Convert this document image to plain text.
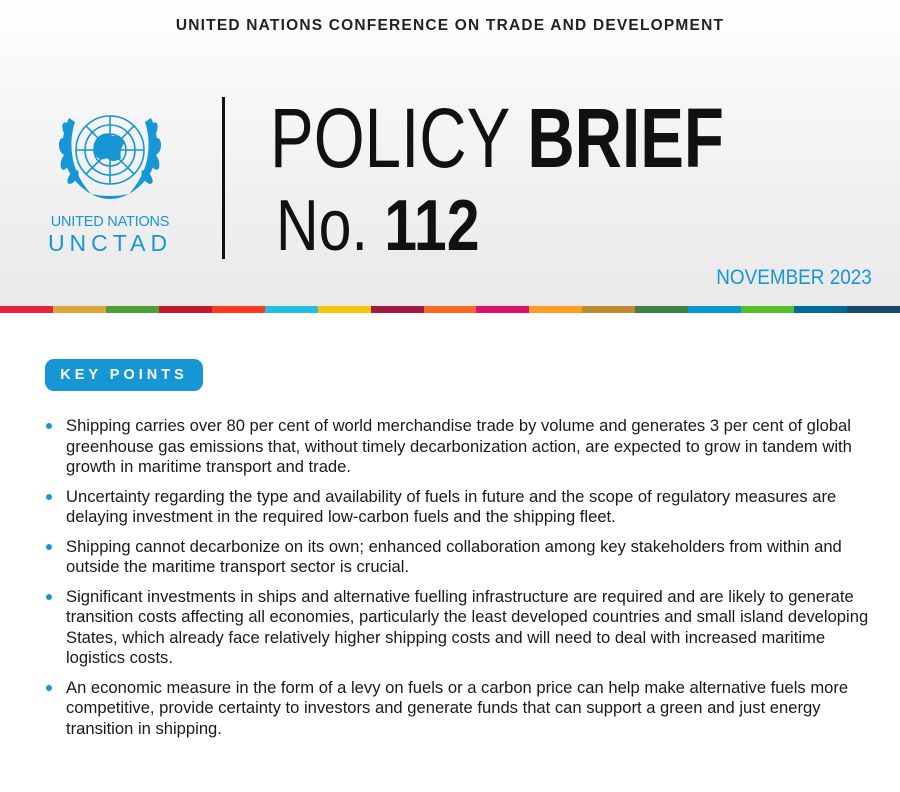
UNITED NATIONS CONFERENCE ON TRADE AND DEVELOPMENT
UNITED NATIONS
UNCTAD
POLICY BRIEF
No. 112
NOVEMBER 2023
KEY POINTS
Shipping carries over 80 per cent of world merchandise trade by volume and generates 3 per cent of global greenhouse gas emissions that, without timely decarbonization action, are expected to grow in tandem with growth in maritime transport and trade.
Uncertainty regarding the type and availability of fuels in future and the scope of regulatory measures are delaying investment in the required low-carbon fuels and the shipping fleet.
Shipping cannot decarbonize on its own; enhanced collaboration among key stakeholders from within and outside the maritime transport sector is crucial.
Significant investments in ships and alternative fuelling infrastructure are required and are likely to generate transition costs affecting all economies, particularly the least developed countries and small island developing States, which already face relatively higher shipping costs and will need to deal with increased maritime logistics costs.
An economic measure in the form of a levy on fuels or a carbon price can help make alternative fuels more competitive, provide certainty to investors and generate funds that can support a green and just energy transition in shipping.
